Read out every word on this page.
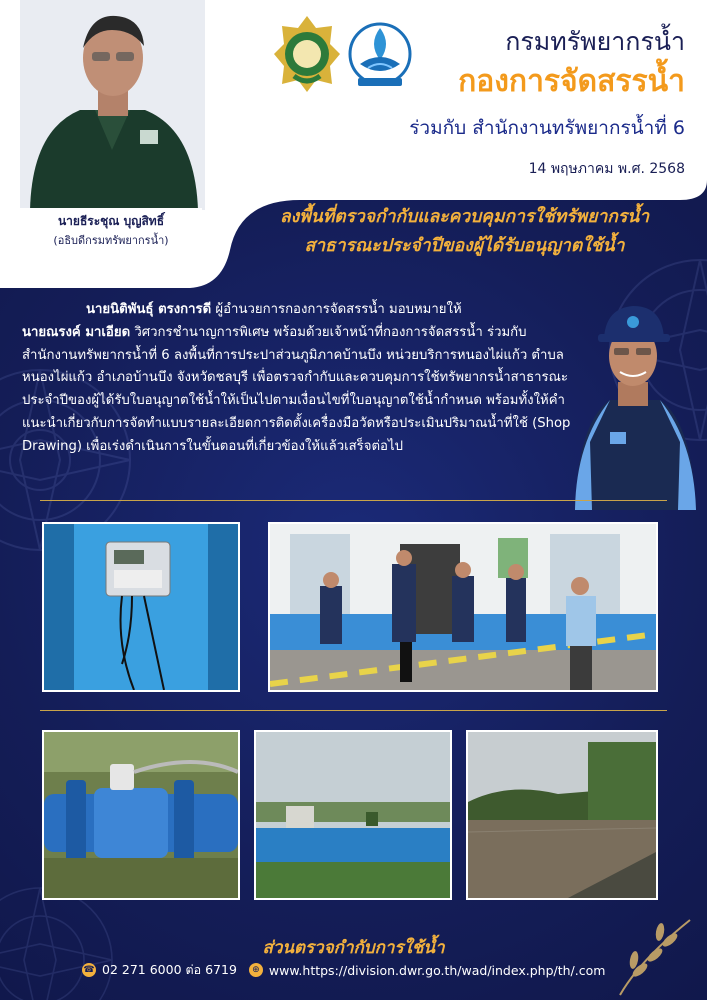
กรมทรัพยากรน้ำ
กองการจัดสรรน้ำ
ร่วมกับ สำนักงานทรัพยากรน้ำที่ 6
14 พฤษภาคม พ.ศ. 2568
นายธีระชุณ บุญสิทธิ์
(อธิบดีกรมทรัพยากรน้ำ)
ลงพื้นที่ตรวจกำกับและควบคุมการใช้ทรัพยากรน้ำ
สาธารณะประจำปีของผู้ได้รับอนุญาตใช้น้ำ
นายนิติพันธุ์ ตรงการดี ผู้อำนวยการกองการจัดสรรน้ำ มอบหมายให้
นายณรงค์ มาเอียด วิศวกรชำนาญการพิเศษ พร้อมด้วยเจ้าหน้าที่กองการจัดสรรน้ำ ร่วมกับสำนักงานทรัพยากรน้ำที่ 6 ลงพื้นที่การประปาส่วนภูมิภาคบ้านบึง หน่วยบริการหนองไผ่แก้ว ตำบลหนองไผ่แก้ว อำเภอบ้านบึง จังหวัดชลบุรี เพื่อตรวจกำกับและควบคุมการใช้ทรัพยากรน้ำสาธารณะประจำปีของผู้ได้รับใบอนุญาตใช้น้ำให้เป็นไปตามเงื่อนไขที่ใบอนุญาตใช้น้ำกำหนด พร้อมทั้งให้คำแนะนำเกี่ยวกับการจัดทำแบบรายละเอียดการติดตั้งเครื่องมือวัดหรือประเมินปริมาณน้ำที่ใช้ (Shop Drawing) เพื่อเร่งดำเนินการในขั้นตอนที่เกี่ยวข้องให้แล้วเสร็จต่อไป
ส่วนตรวจกำกับการใช้น้ำ
☎ 02 271 6000 ต่อ 6719	⊕ www.https://division.dwr.go.th/wad/index.php/th/.com
